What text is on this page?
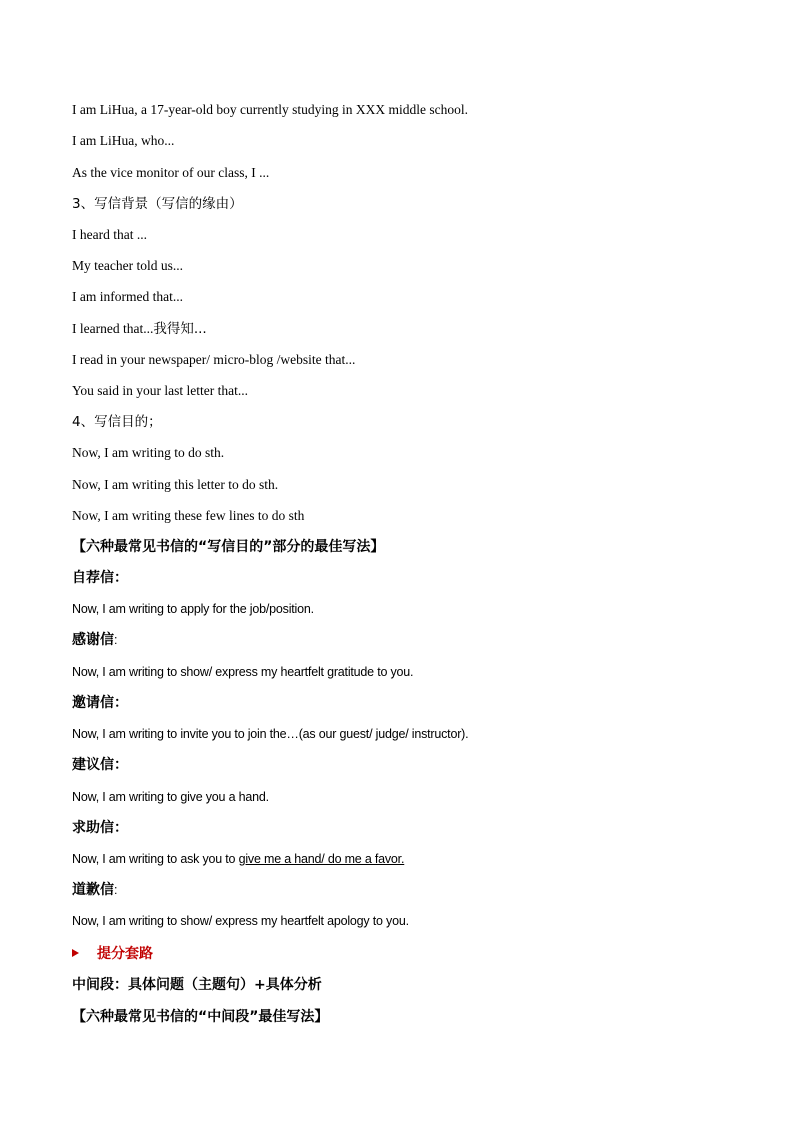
I am LiHua, a 17-year-old boy currently studying in XXX middle school.
I am LiHua, who...
As the vice monitor of our class, I ...
3、写信背景（写信的缘由）
I heard that ...
My teacher told us...
I am informed that...
I learned that...我得知...
I read in your newspaper/ micro-blog /website that...
You said in your last letter that...
4、写信目的；
Now, I am writing to do sth.
Now, I am writing this letter to do sth.
Now, I am writing these few lines to do sth
【六种最常见书信的“写信目的”部分的最佳写法】
自荐信：
Now, I am writing to apply for the job/position.
感谢信:
Now, I am writing to show/ express my heartfelt gratitude to you.
邀请信：
Now, I am writing to invite you to join the…(as our guest/ judge/ instructor).
建议信：
Now, I am writing to give you a hand.
求助信：
Now, I am writing to ask you to give me a hand/ do me a favor.
道歉信:
Now, I am writing to show/ express my heartfelt apology to you.
提分套路
中间段：具体问题（主题句）+具体分析
【六种最常见书信的“中间段”最佳写法】
